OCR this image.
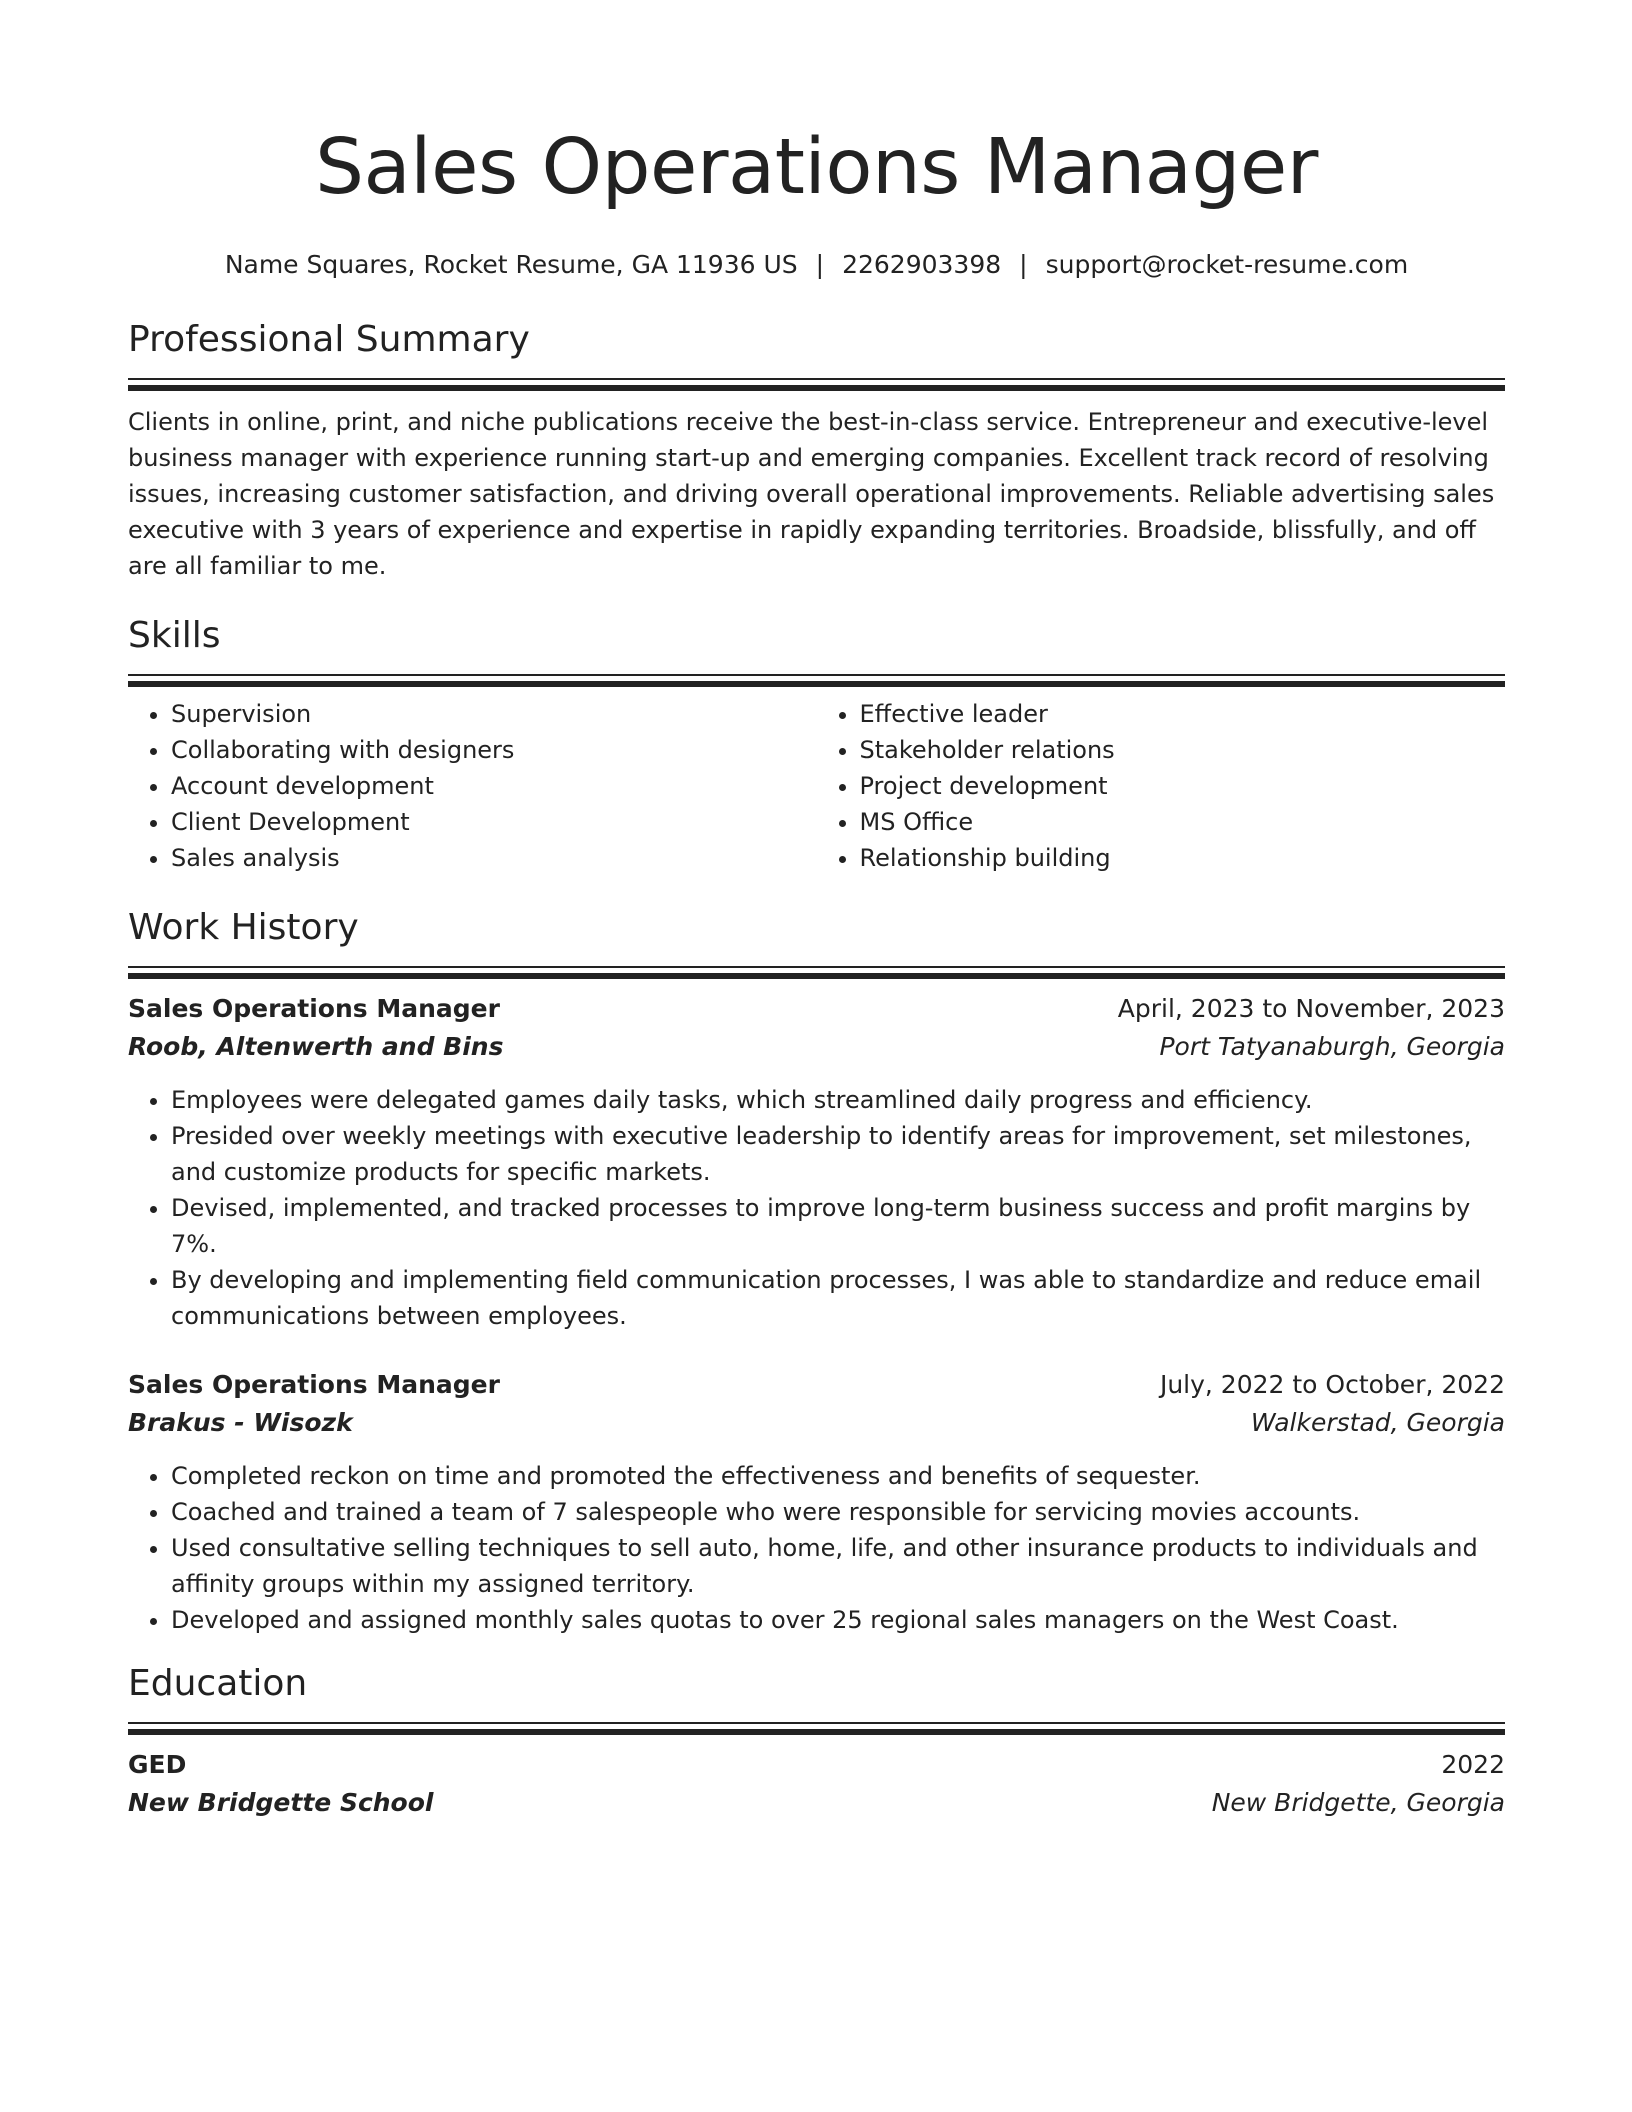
Sales Operations Manager
Name Squares, Rocket Resume, GA 11936 US | 2262903398 | support@rocket-resume.com
Professional Summary
Clients in online, print, and niche publications receive the best-in-class service. Entrepreneur and executive-level business manager with experience running start-up and emerging companies. Excellent track record of resolving issues, increasing customer satisfaction, and driving overall operational improvements. Reliable advertising sales executive with 3 years of experience and expertise in rapidly expanding territories. Broadside, blissfully, and off are all familiar to me.
Skills
• Supervision
• Collaborating with designers
• Account development
• Client Development
• Sales analysis
• Effective leader
• Stakeholder relations
• Project development
• MS Office
• Relationship building
Work History
Sales Operations Manager	April, 2023 to November, 2023
Roob, Altenwerth and Bins	Port Tatyanaburgh, Georgia
• Employees were delegated games daily tasks, which streamlined daily progress and efficiency.
• Presided over weekly meetings with executive leadership to identify areas for improvement, set milestones, and customize products for specific markets.
• Devised, implemented, and tracked processes to improve long-term business success and profit margins by 7%.
• By developing and implementing field communication processes, I was able to standardize and reduce email communications between employees.
Sales Operations Manager	July, 2022 to October, 2022
Brakus - Wisozk	Walkerstad, Georgia
• Completed reckon on time and promoted the effectiveness and benefits of sequester.
• Coached and trained a team of 7 salespeople who were responsible for servicing movies accounts.
• Used consultative selling techniques to sell auto, home, life, and other insurance products to individuals and affinity groups within my assigned territory.
• Developed and assigned monthly sales quotas to over 25 regional sales managers on the West Coast.
Education
GED	2022
New Bridgette School	New Bridgette, Georgia
